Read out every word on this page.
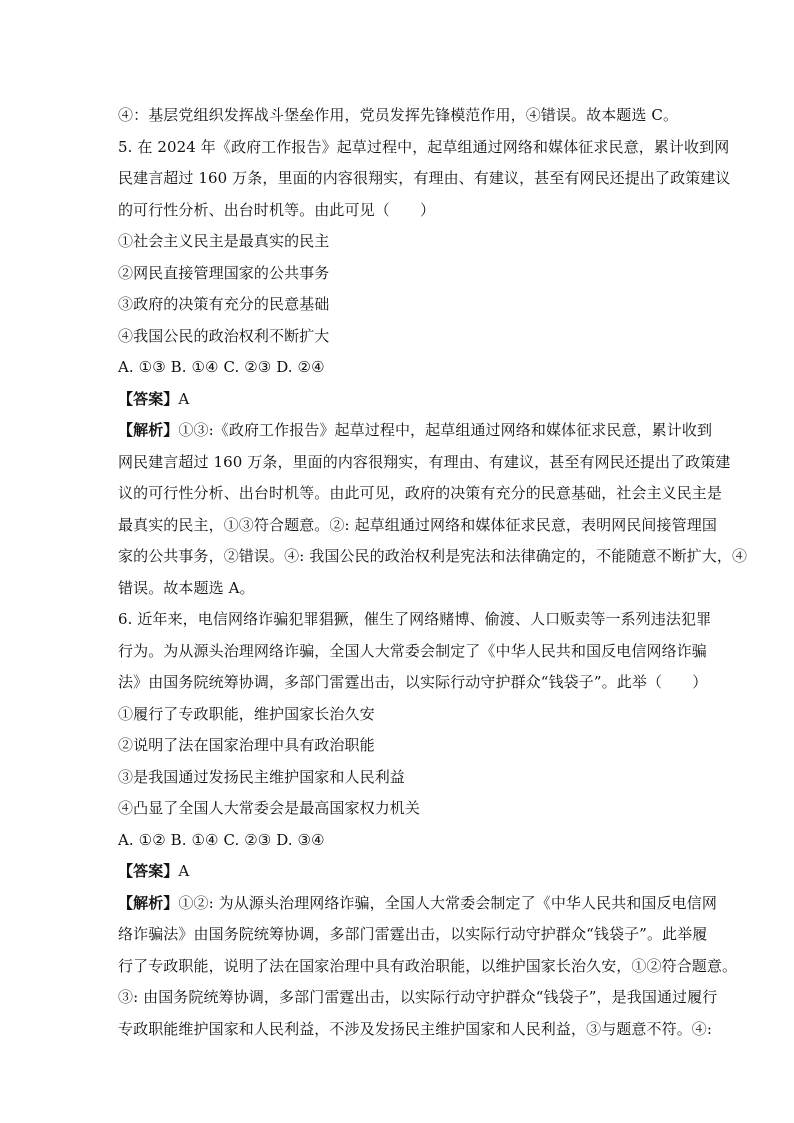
④：基层党组织发挥战斗堡垒作用，党员发挥先锋模范作用，④错误。故本题选 C。
5. 在 2024 年《政府工作报告》起草过程中，起草组通过网络和媒体征求民意，累计收到网
民建言超过 160 万条，里面的内容很翔实，有理由、有建议，甚至有网民还提出了政策建议
的可行性分析、出台时机等。由此可见（　　）
①社会主义民主是最真实的民主
②网民直接管理国家的公共事务
③政府的决策有充分的民意基础
④我国公民的政治权利不断扩大
A. ①③ B. ①④ C. ②③ D. ②④
【答案】A
【解析】①③:《政府工作报告》起草过程中，起草组通过网络和媒体征求民意，累计收到
网民建言超过 160 万条，里面的内容很翔实，有理由、有建议，甚至有网民还提出了政策建
议的可行性分析、出台时机等。由此可见，政府的决策有充分的民意基础，社会主义民主是
最真实的民主，①③符合题意。②: 起草组通过网络和媒体征求民意，表明网民间接管理国
家的公共事务，②错误。④: 我国公民的政治权利是宪法和法律确定的，不能随意不断扩大，④
错误。故本题选 A。
6. 近年来，电信网络诈骗犯罪猖獗，催生了网络赌博、偷渡、人口贩卖等一系列违法犯罪
行为。为从源头治理网络诈骗，全国人大常委会制定了《中华人民共和国反电信网络诈骗
法》由国务院统筹协调，多部门雷霆出击，以实际行动守护群众“钱袋子”。此举（　　）
①履行了专政职能，维护国家长治久安
②说明了法在国家治理中具有政治职能
③是我国通过发扬民主维护国家和人民利益
④凸显了全国人大常委会是最高国家权力机关
A. ①② B. ①④ C. ②③ D. ③④
【答案】A
【解析】①②: 为从源头治理网络诈骗，全国人大常委会制定了《中华人民共和国反电信网
络诈骗法》由国务院统筹协调，多部门雷霆出击，以实际行动守护群众“钱袋子”。此举履
行了专政职能，说明了法在国家治理中具有政治职能，以维护国家长治久安，①②符合题意。
③: 由国务院统筹协调，多部门雷霆出击，以实际行动守护群众“钱袋子”，是我国通过履行
专政职能维护国家和人民利益，不涉及发扬民主维护国家和人民利益，③与题意不符。④:
